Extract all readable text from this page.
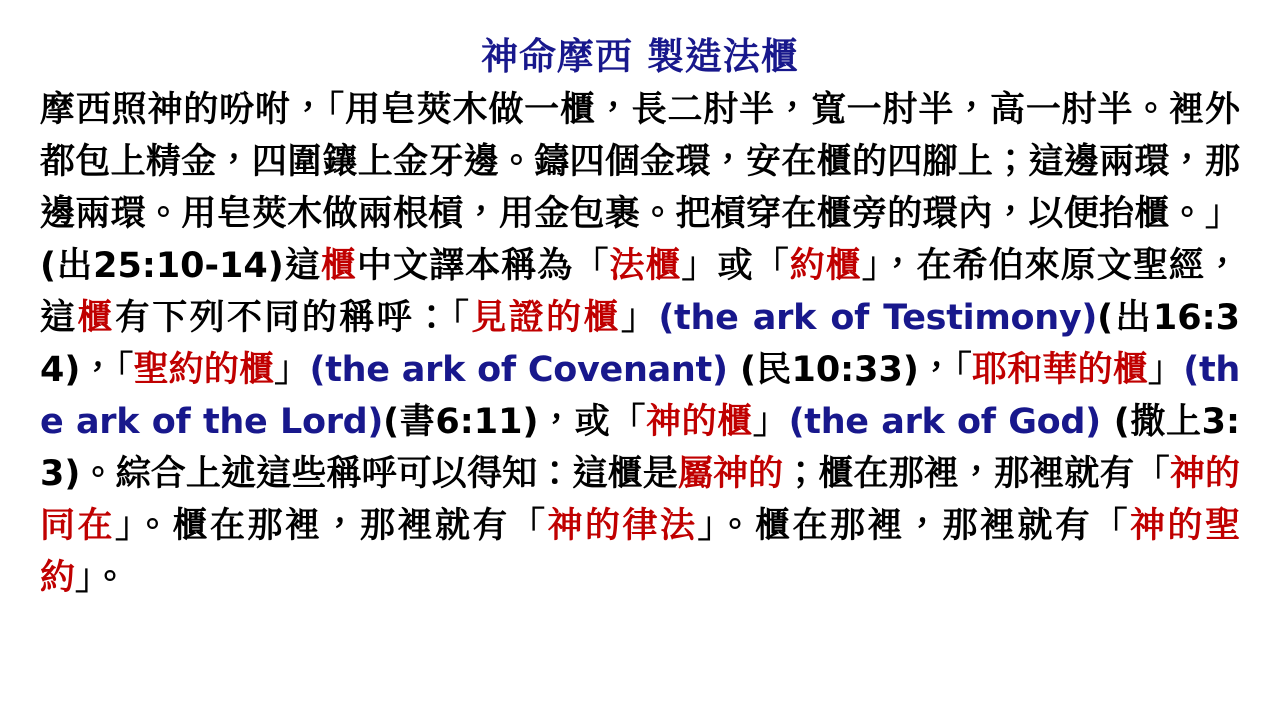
神命摩西 製造法櫃

摩西照神的吩咐，「用皂莢木做一櫃，長二肘半，寬一肘半，高一肘半。裡外都包上精金，四圍鑲上金牙邊。鑄四個金環，安在櫃的四腳上；這邊兩環，那邊兩環。用皂莢木做兩根槓，用金包裹。把槓穿在櫃旁的環內，以便抬櫃。」(出25:10-14)這櫃中文譯本稱為「法櫃」或「約櫃」，在希伯來原文聖經，這櫃有下列不同的稱呼：「見證的櫃」(the ark of Testimony)(出16:34)，「聖約的櫃」(the ark of Covenant) (民10:33)，「耶和華的櫃」(the ark of the Lord)(書6:11)，或「神的櫃」(the ark of God) (撒上3:3)。綜合上述這些稱呼可以得知：這櫃是屬神的；櫃在那裡，那裡就有「神的同在」。櫃在那裡，那裡就有「神的律法」。櫃在那裡，那裡就有「神的聖約」。
